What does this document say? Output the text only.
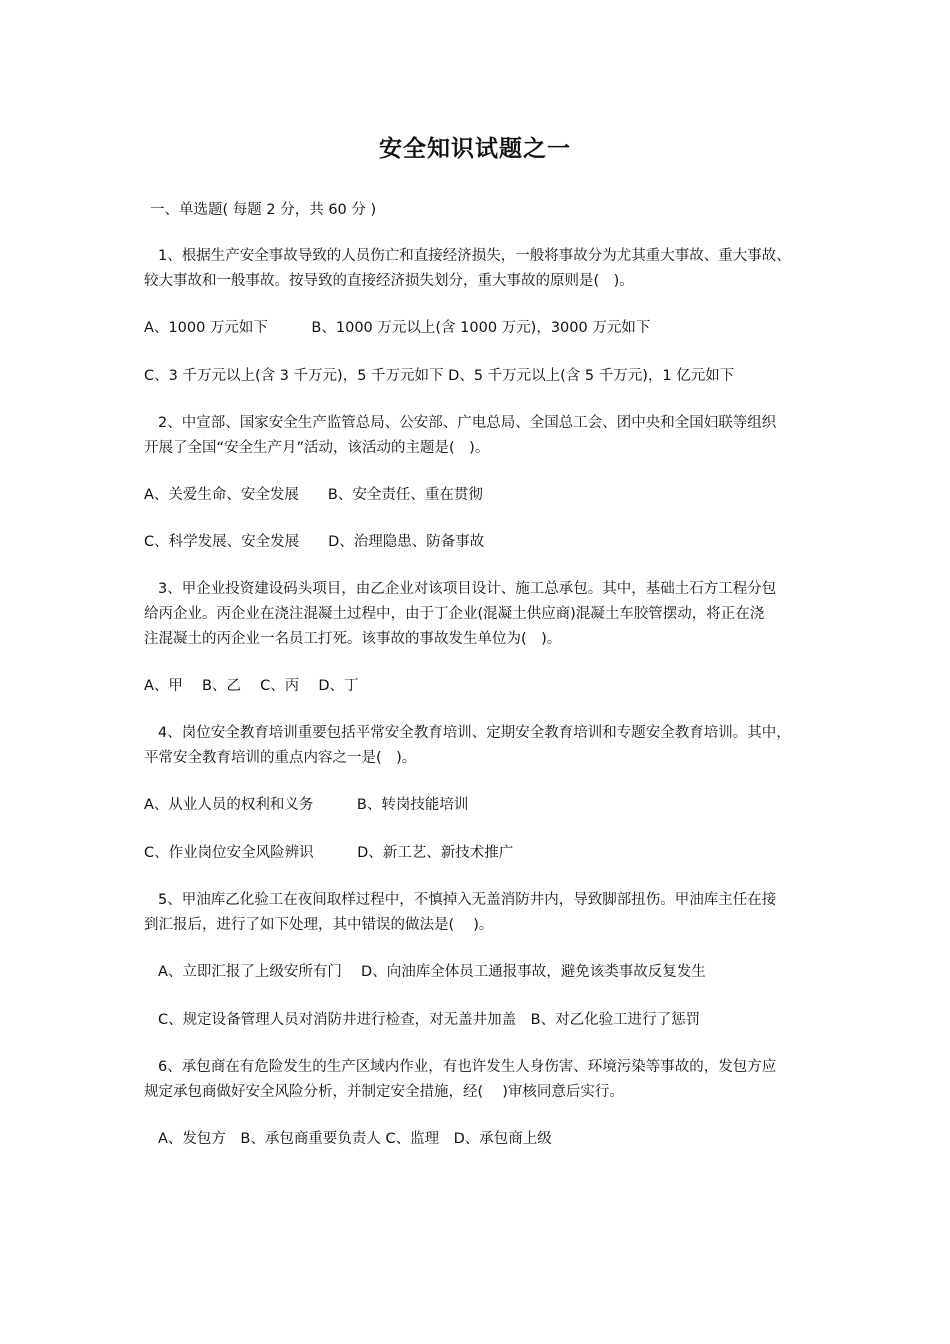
安全知识试题之一
一、单选题( 每题 2 分，共 60 分 )
1、根据生产安全事故导致的人员伤亡和直接经济损失，一般将事故分为尤其重大事故、重大事故、
较大事故和一般事故。按导致的直接经济损失划分，重大事故的原则是(　)。
A、1000 万元如下　　　B、1000 万元以上(含 1000 万元)，3000 万元如下
C、3 千万元以上(含 3 千万元)，5 千万元如下 D、5 千万元以上(含 5 千万元)，1 亿元如下
2、中宣部、国家安全生产监管总局、公安部、广电总局、全国总工会、团中央和全国妇联等组织
开展了全国“安全生产月”活动，该活动的主题是(　)。
A、关爱生命、安全发展　　B、安全责任、重在贯彻
C、科学发展、安全发展　　D、治理隐患、防备事故
3、甲企业投资建设码头项目，由乙企业对该项目设计、施工总承包。其中，基础土石方工程分包
给丙企业。丙企业在浇注混凝土过程中，由于丁企业(混凝土供应商)混凝土车胶管摆动，将正在浇
注混凝土的丙企业一名员工打死。该事故的事故发生单位为(　)。
A、甲　 B、乙　 C、丙　 D、丁
4、岗位安全教育培训重要包括平常安全教育培训、定期安全教育培训和专题安全教育培训。其中，
平常安全教育培训的重点内容之一是(　)。
A、从业人员的权利和义务　　　B、转岗技能培训
C、作业岗位安全风险辨识　　　D、新工艺、新技术推广
5、甲油库乙化验工在夜间取样过程中，不慎掉入无盖消防井内，导致脚部扭伤。甲油库主任在接
到汇报后，进行了如下处理，其中错误的做法是(　 )。
A、立即汇报了上级安所有门　 D、向油库全体员工通报事故，避免该类事故反复发生
C、规定设备管理人员对消防井进行检查，对无盖井加盖　B、对乙化验工进行了惩罚
6、承包商在有危险发生的生产区域内作业，有也许发生人身伤害、环境污染等事故的，发包方应
规定承包商做好安全风险分析，并制定安全措施，经(　 )审核同意后实行。
A、发包方　B、承包商重要负责人 C、监理　D、承包商上级
